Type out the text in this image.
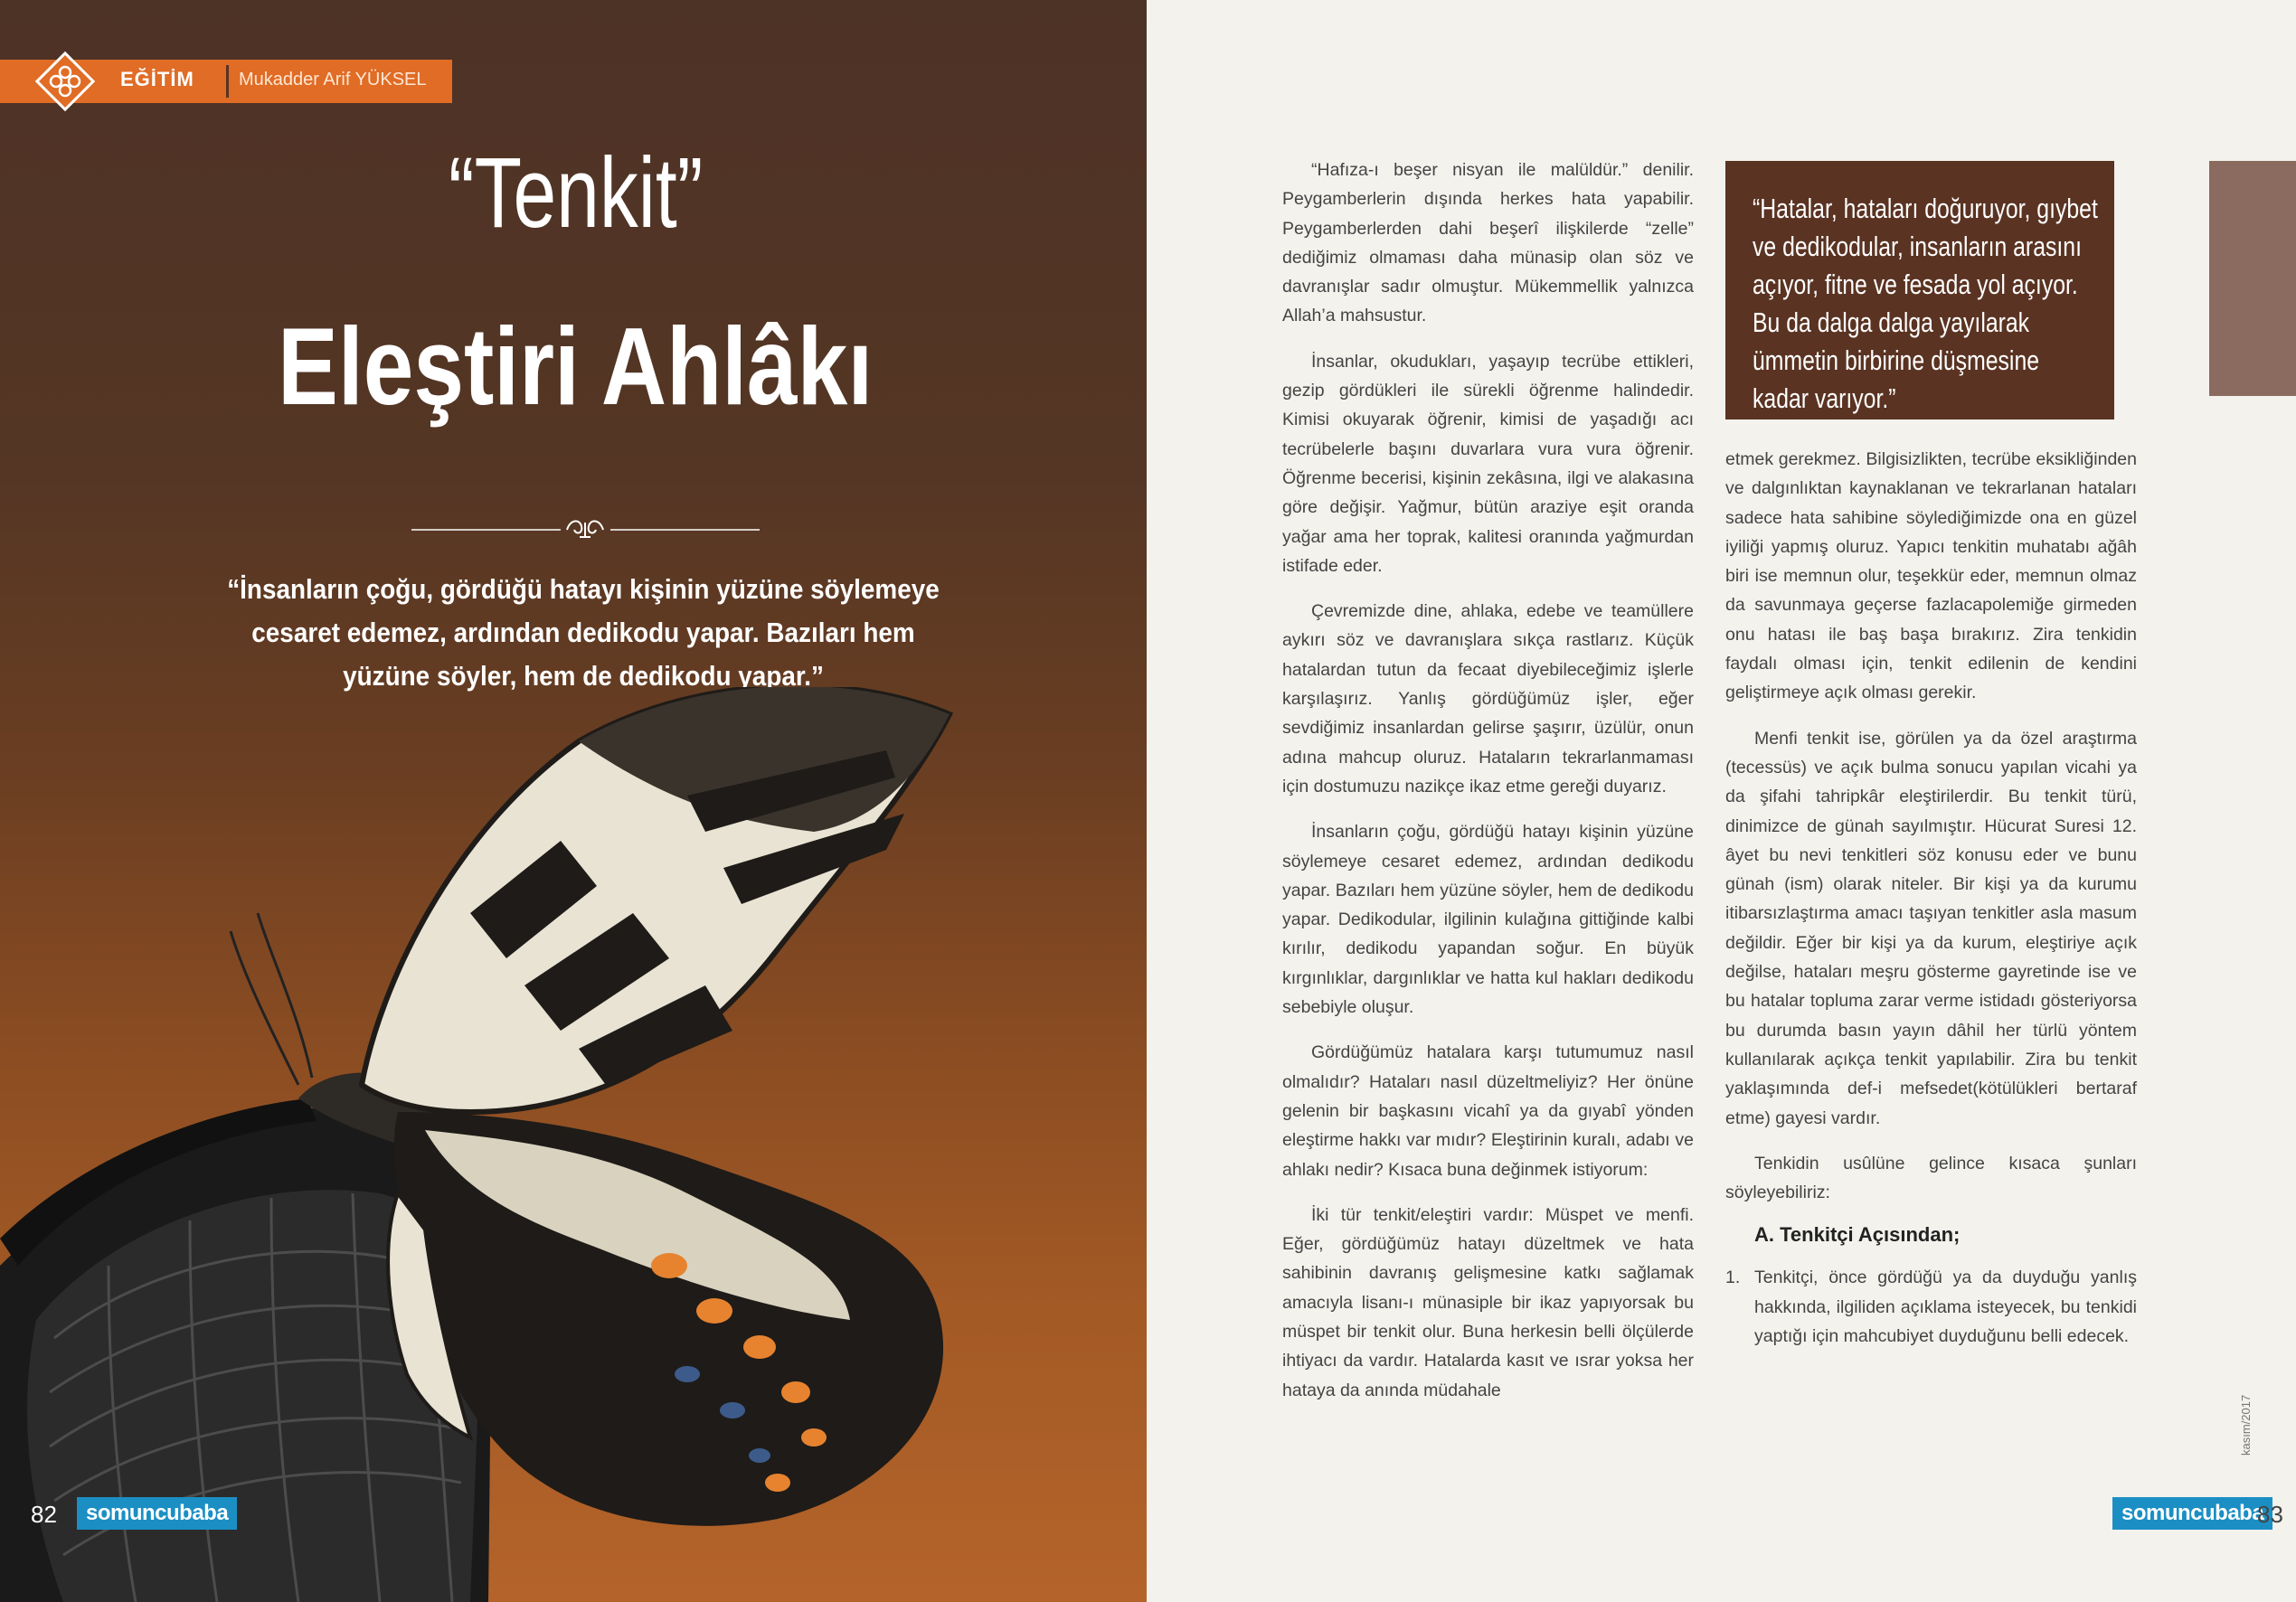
EĞİTİM Mukadder Arif YÜKSEL
“Tenkit”
Eleştiri Ahlâkı
“İnsanların çoğu, gördüğü hatayı kişinin yüzüne söylemeye cesaret edemez, ardından dedikodu yapar. Bazıları hem yüzüne söyler, hem de dedikodu yapar.”
82	somuncubaba

“Hafıza-ı beşer nisyan ile malüldür.” denilir. Peygamberlerin dışında herkes hata yapabilir. Peygamberlerden dahi beşerî ilişkilerde “zelle” dediğimiz olmaması daha münasip olan söz ve davranışlar sadır olmuştur. Mükemmellik yalnızca Allah’a mahsustur.

İnsanlar, okudukları, yaşayıp tecrübe ettikleri, gezip gördükleri ile sürekli öğrenme halindedir. Kimisi okuyarak öğrenir, kimisi de yaşadığı acı tecrübelerle başını duvarlara vura vura öğrenir. Öğrenme becerisi, kişinin zekâsına, ilgi ve alakasına göre değişir. Yağmur, bütün araziye eşit oranda yağar ama her toprak, kalitesi oranında yağmurdan istifade eder.

Çevremizde dine, ahlaka, edebe ve teamüllere aykırı söz ve davranışlara sıkça rastlarız. Küçük hatalardan tutun da fecaat diyebileceğimiz işlerle karşılaşırız. Yanlış gördüğümüz işler, eğer sevdiğimiz insanlardan gelirse şaşırır, üzülür, onun adına mahcup oluruz. Hataların tekrarlanmaması için dostumuzu nazikçe ikaz etme gereği duyarız.

İnsanların çoğu, gördüğü hatayı kişinin yüzüne söylemeye cesaret edemez, ardından dedikodu yapar. Bazıları hem yüzüne söyler, hem de dedikodu yapar. Dedikodular, ilgilinin kulağına gittiğinde kalbi kırılır, dedikodu yapandan soğur. En büyük kırgınlıklar, dargınlıklar ve hatta kul hakları dedikodu sebebiyle oluşur.

Gördüğümüz hatalara karşı tutumumuz nasıl olmalıdır? Hataları nasıl düzeltmeliyiz? Her önüne gelenin bir başkasını vicahî ya da gıyabî yönden eleştirme hakkı var mıdır? Eleştirinin kuralı, adabı ve ahlakı nedir? Kısaca buna değinmek istiyorum:

İki tür tenkit/eleştiri vardır: Müspet ve menfi. Eğer, gördüğümüz hatayı düzeltmek ve hata sahibinin davranış gelişmesine katkı sağlamak amacıyla lisanı-ı münasiple bir ikaz yapıyorsak bu müspet bir tenkit olur. Buna herkesin belli ölçülerde ihtiyacı da vardır. Hatalarda kasıt ve ısrar yoksa her hataya da anında müdahale

“Hatalar, hataları doğuruyor, gıybet ve dedikodular, insanların arasını açıyor, fitne ve fesada yol açıyor. Bu da dalga dalga yayılarak ümmetin birbirine düşmesine kadar varıyor.”

etmek gerekmez. Bilgisizlikten, tecrübe eksikliğinden ve dalgınlıktan kaynaklanan ve tekrarlanan hataları sadece hata sahibine söylediğimizde ona en güzel iyiliği yapmış oluruz. Yapıcı tenkitin muhatabı ağâh biri ise memnun olur, teşekkür eder, memnun olmaz da savunmaya geçerse fazlacapolemiğe girmeden onu hatası ile baş başa bırakırız. Zira tenkidin faydalı olması için, tenkit edilenin de kendini geliştirmeye açık olması gerekir.

Menfi tenkit ise, görülen ya da özel araştırma (tecessüs) ve açık bulma sonucu yapılan vicahi ya da şifahi tahripkâr eleştirilerdir. Bu tenkit türü, dinimizce de günah sayılmıştır. Hücurat Suresi 12. âyet bu nevi tenkitleri söz konusu eder ve bunu günah (ism) olarak niteler. Bir kişi ya da kurumu itibarsızlaştırma amacı taşıyan tenkitler asla masum değildir. Eğer bir kişi ya da kurum, eleştiriye açık değilse, hataları meşru gösterme gayretinde ise ve bu hatalar topluma zarar verme istidadı gösteriyorsa bu durumda basın yayın dâhil her türlü yöntem kullanılarak açıkça tenkit yapılabilir. Zira bu tenkit yaklaşımında def-i mefsedet(kötülükleri bertaraf etme) gayesi vardır.

Tenkidin usûlüne gelince kısaca şunları söyleyebiliriz:

A. Tenkitçi Açısından;

1. Tenkitçi, önce gördüğü ya da duyduğu yanlış hakkında, ilgiliden açıklama isteyecek, bu tenkidi yaptığı için mahcubiyet duyduğunu belli edecek.

kasım/2017
somuncubaba
83
